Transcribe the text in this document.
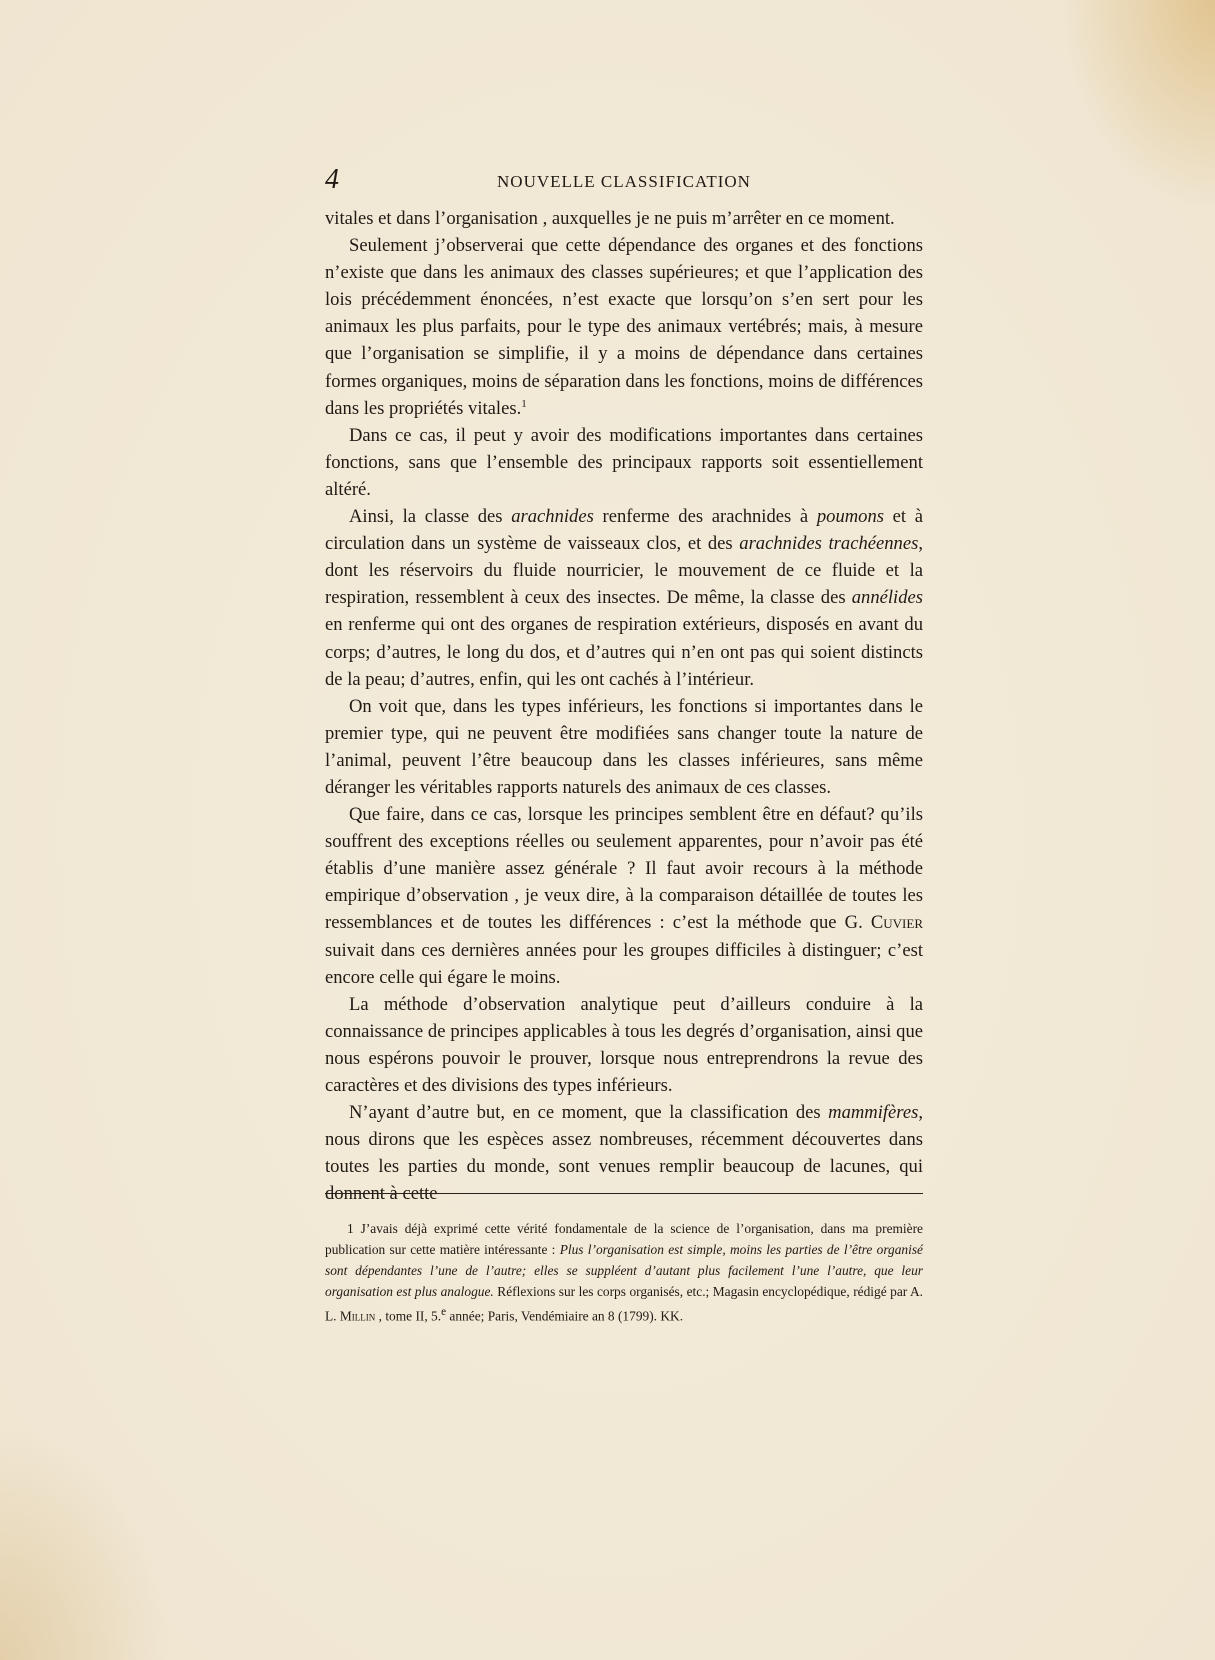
4	NOUVELLE CLASSIFICATION

vitales et dans l’organisation , auxquelles je ne puis m’arrêter en ce moment.

Seulement j’observerai que cette dépendance des organes et des fonctions n’existe que dans les animaux des classes supérieures; et que l’application des lois précédemment énoncées, n’est exacte que lorsqu’on s’en sert pour les animaux les plus parfaits, pour le type des animaux vertébrés; mais, à mesure que l’organisation se simplifie, il y a moins de dépendance dans certaines formes organiques, moins de séparation dans les fonctions, moins de différences dans les propriétés vitales.$^1$

Dans ce cas, il peut y avoir des modifications importantes dans certaines fonctions, sans que l’ensemble des principaux rapports soit essentiellement altéré.

Ainsi, la classe des arachnides renferme des arachnides à poumons et à circulation dans un système de vaisseaux clos, et des arachnides trachéennes, dont les réservoirs du fluide nourricier, le mouvement de ce fluide et la respiration, ressemblent à ceux des insectes. De même, la classe des annélides en renferme qui ont des organes de respiration extérieurs, disposés en avant du corps; d’autres, le long du dos, et d’autres qui n’en ont pas qui soient distincts de la peau; d’autres, enfin, qui les ont cachés à l’intérieur.

On voit que, dans les types inférieurs, les fonctions si importantes dans le premier type, qui ne peuvent être modifiées sans changer toute la nature de l’animal, peuvent l’être beaucoup dans les classes inférieures, sans même déranger les véritables rapports naturels des animaux de ces classes.

Que faire, dans ce cas, lorsque les principes semblent être en défaut? qu’ils souffrent des exceptions réelles ou seulement apparentes, pour n’avoir pas été établis d’une manière assez générale ? Il faut avoir recours à la méthode empirique d’observation , je veux dire, à la comparaison détaillée de toutes les ressemblances et de toutes les différences : c’est la méthode que G. Cuvier suivait dans ces dernières années pour les groupes difficiles à distinguer; c’est encore celle qui égare le moins.

La méthode d’observation analytique peut d’ailleurs conduire à la connaissance de principes applicables à tous les degrés d’organisation, ainsi que nous espérons pouvoir le prouver, lorsque nous entreprendrons la revue des caractères et des divisions des types inférieurs.

N’ayant d’autre but, en ce moment, que la classification des mammifères, nous dirons que les espèces assez nombreuses, récemment découvertes dans toutes les parties du monde, sont venues remplir beaucoup de lacunes, qui donnent à cette

1 J’avais déjà exprimé cette vérité fondamentale de la science de l’organisation, dans ma première publication sur cette matière intéressante : Plus l’organisation est simple, moins les parties de l’être organisé sont dépendantes l’une de l’autre; elles se suppléent d’autant plus facilement l’une l’autre, que leur organisation est plus analogue. Réflexions sur les corps organisés, etc.; Magasin encyclopédique, rédigé par A. L. Millin , tome II, 5.$^e$ année; Paris, Vendémiaire an 8 (1799). KK.
